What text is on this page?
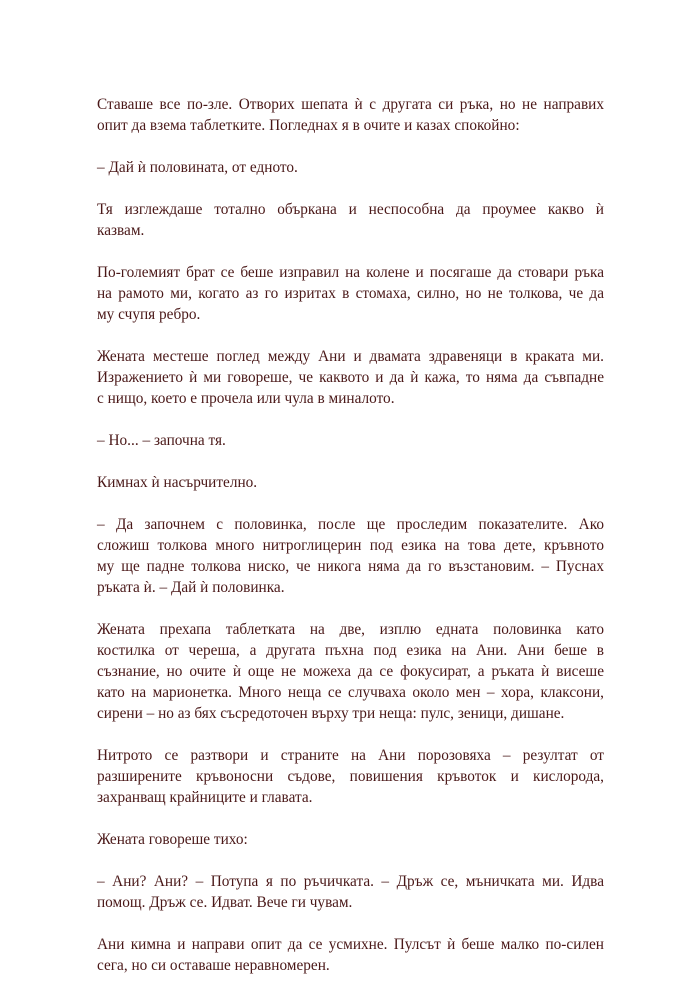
Ставаше все по-зле. Отворих шепата ѝ с другата си ръка, но не направих
опит да взема таблетките. Погледнах я в очите и казах спокойно:
– Дай ѝ половината, от едното.
Тя изглеждаше тотално объркана и неспособна да проумее какво ѝ
казвам.
По-големият брат се беше изправил на колене и посягаше да стовари ръка
на рамото ми, когато аз го изритах в стомаха, силно, но не толкова, че да
му счупя ребро.
Жената местеше поглед между Ани и двамата здравеняци в краката ми.
Изражението ѝ ми говореше, че каквото и да ѝ кажа, то няма да съвпадне
с нищо, което е прочела или чула в миналото.
– Но... – започна тя.
Кимнах ѝ насърчително.
– Да започнем с половинка, после ще проследим показателите. Ако
сложиш толкова много нитроглицерин под езика на това дете, кръвното
му ще падне толкова ниско, че никога няма да го възстановим. – Пуснах
ръката ѝ. – Дай ѝ половинка.
Жената прехапа таблетката на две, изплю едната половинка като
костилка от череша, а другата пъхна под езика на Ани. Ани беше в
съзнание, но очите ѝ още не можеха да се фокусират, а ръката ѝ висеше
като на марионетка. Много неща се случваха около мен – хора, клаксони,
сирени – но аз бях съсредоточен върху три неща: пулс, зеници, дишане.
Нитрото се разтвори и страните на Ани порозовяха – резултат от
разширените кръвоносни съдове, повишения кръвоток и кислорода,
захранващ крайниците и главата.
Жената говореше тихо:
– Ани? Ани? – Потупа я по ръчичката. – Дръж се, мъничката ми. Идва
помощ. Дръж се. Идват. Вече ги чувам.
Ани кимна и направи опит да се усмихне. Пулсът ѝ беше малко по-силен
сега, но си оставаше неравномерен.
